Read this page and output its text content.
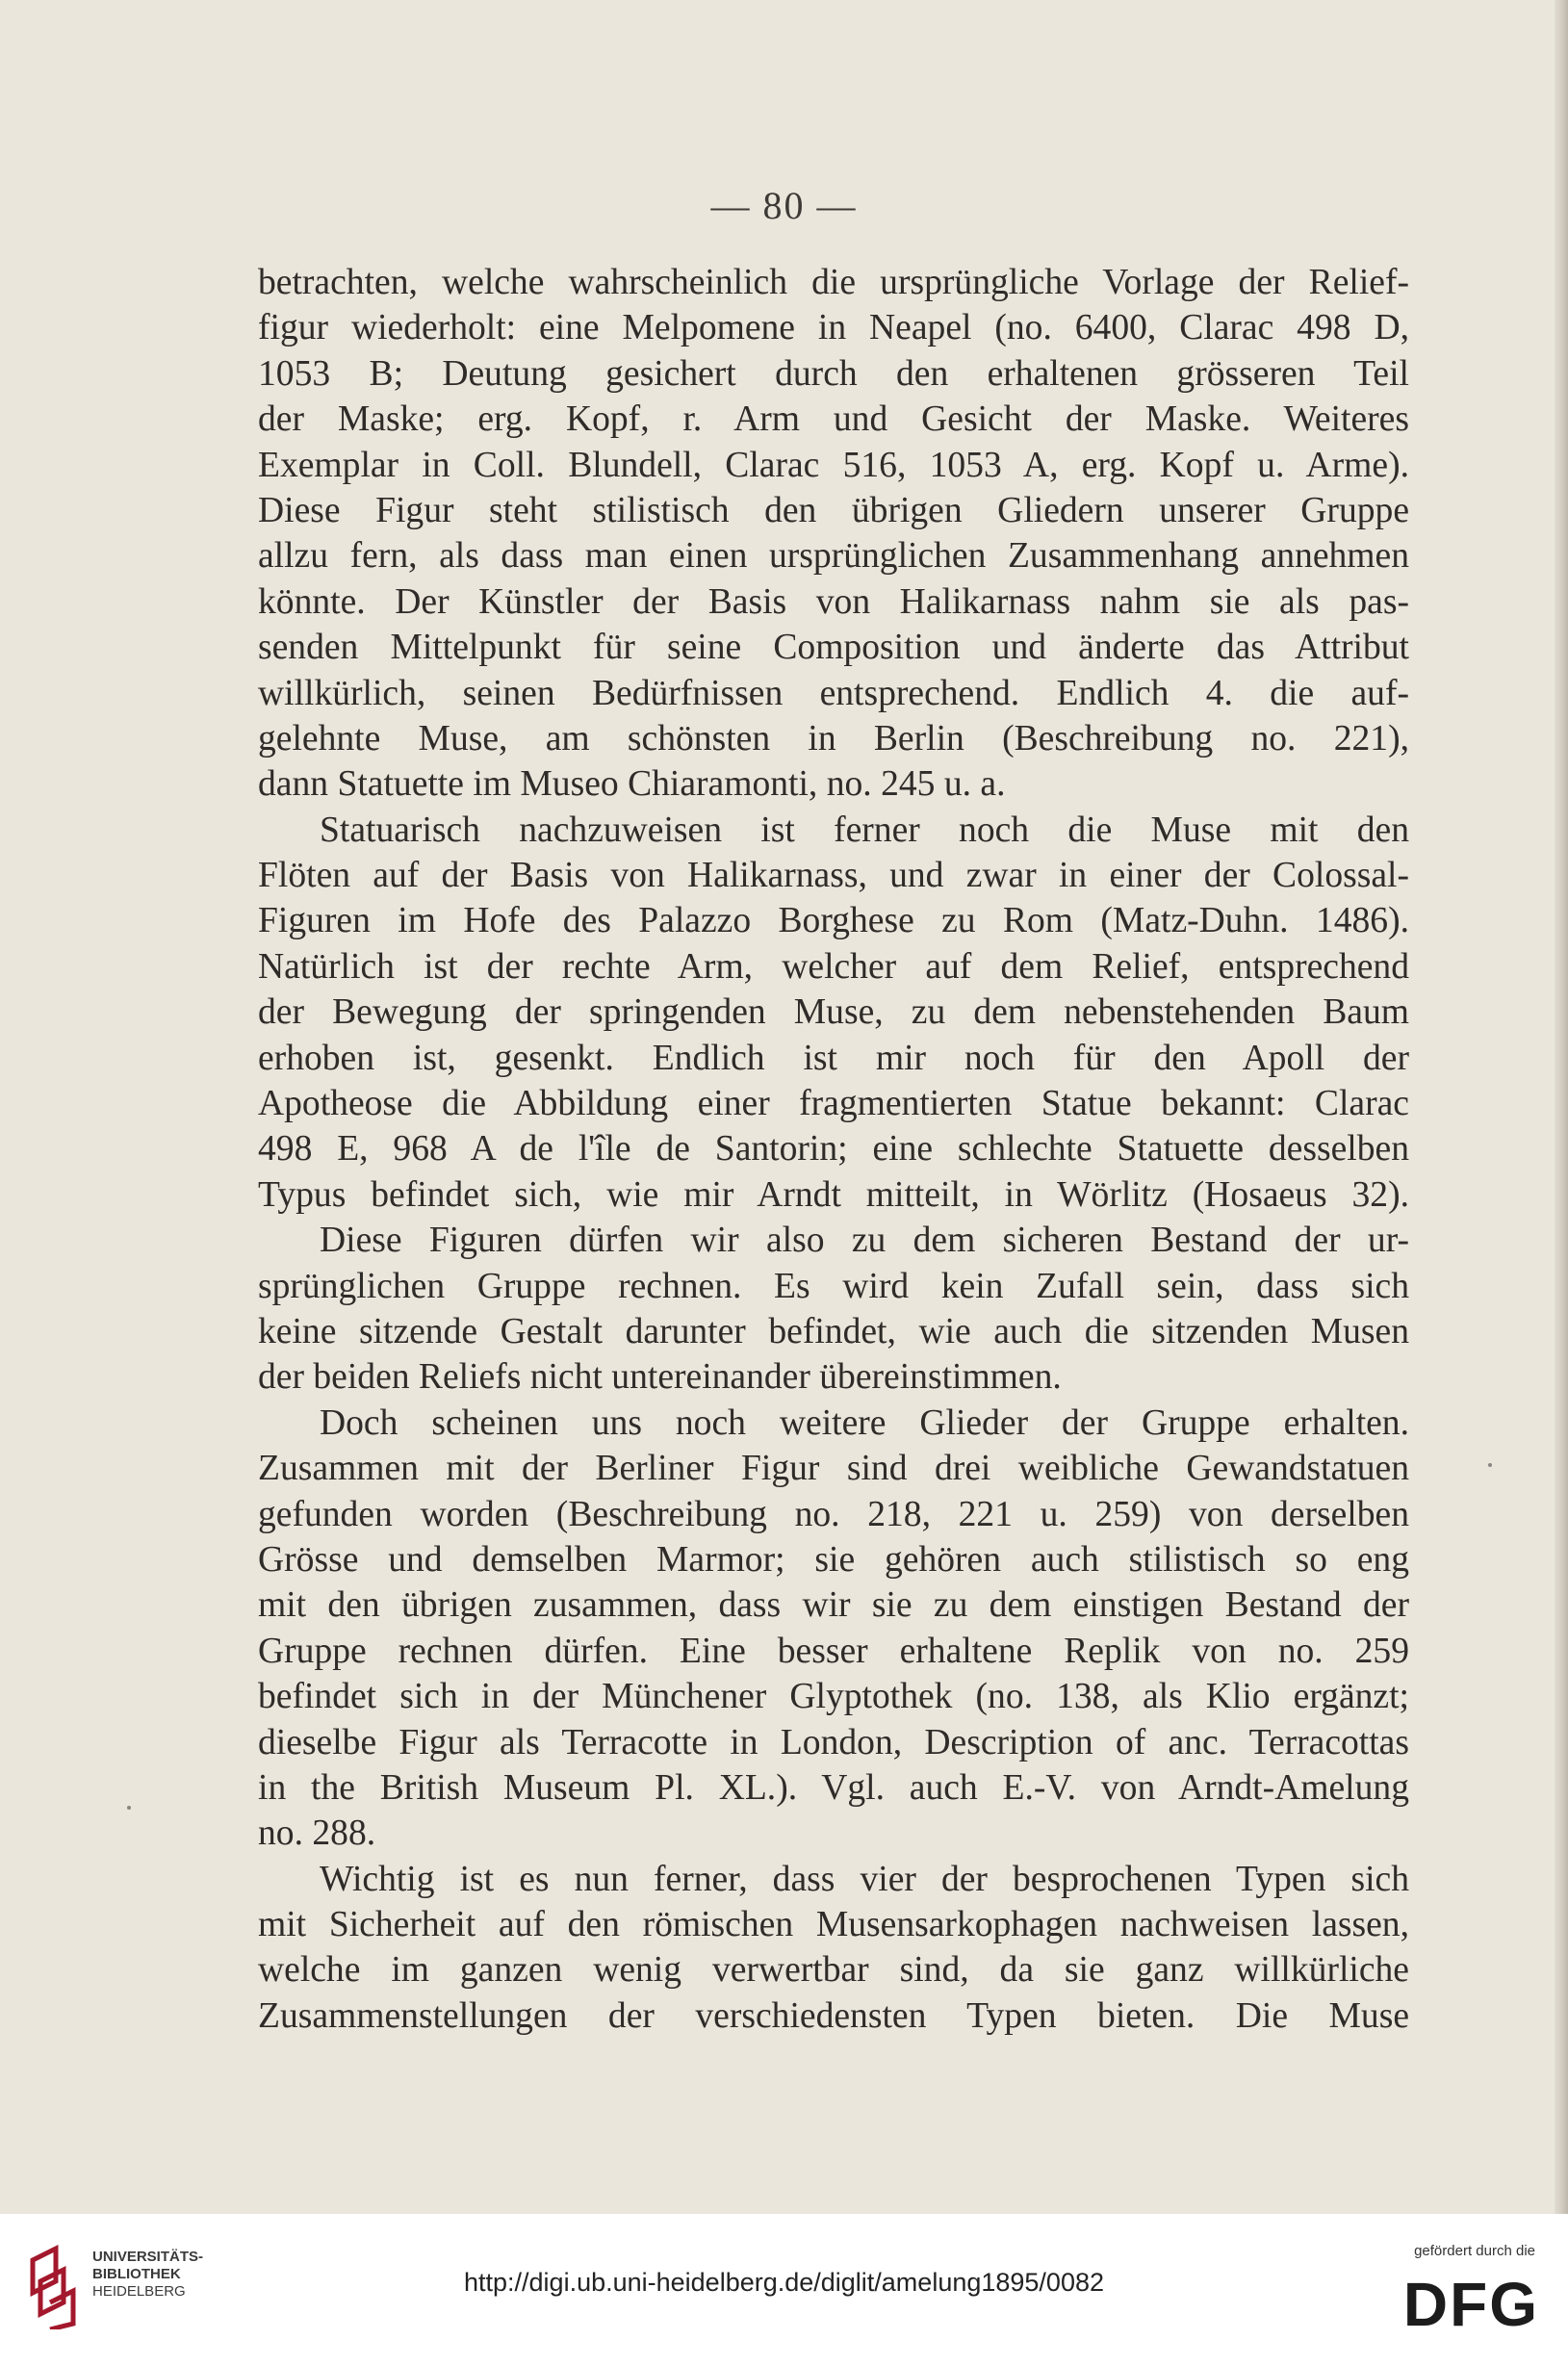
— 80 —
betrachten, welche wahrscheinlich die ursprüngliche Vorlage der Relief-
figur wiederholt: eine Melpomene in Neapel (no. 6400, Clarac 498 D,
1053 B; Deutung gesichert durch den erhaltenen grösseren Teil
der Maske; erg. Kopf, r. Arm und Gesicht der Maske. Weiteres
Exemplar in Coll. Blundell, Clarac 516, 1053 A, erg. Kopf u. Arme).
Diese Figur steht stilistisch den übrigen Gliedern unserer Gruppe
allzu fern, als dass man einen ursprünglichen Zusammenhang annehmen
könnte. Der Künstler der Basis von Halikarnass nahm sie als pas-
senden Mittelpunkt für seine Composition und änderte das Attribut
willkürlich, seinen Bedürfnissen entsprechend. Endlich 4. die auf-
gelehnte Muse, am schönsten in Berlin (Beschreibung no. 221),
dann Statuette im Museo Chiaramonti, no. 245 u. a.
Statuarisch nachzuweisen ist ferner noch die Muse mit den
Flöten auf der Basis von Halikarnass, und zwar in einer der Colossal-
Figuren im Hofe des Palazzo Borghese zu Rom (Matz-Duhn. 1486).
Natürlich ist der rechte Arm, welcher auf dem Relief, entsprechend
der Bewegung der springenden Muse, zu dem nebenstehenden Baum
erhoben ist, gesenkt. Endlich ist mir noch für den Apoll der
Apotheose die Abbildung einer fragmentierten Statue bekannt: Clarac
498 E, 968 A de l'île de Santorin; eine schlechte Statuette desselben
Typus befindet sich, wie mir Arndt mitteilt, in Wörlitz (Hosaeus 32).
Diese Figuren dürfen wir also zu dem sicheren Bestand der ur-
sprünglichen Gruppe rechnen. Es wird kein Zufall sein, dass sich
keine sitzende Gestalt darunter befindet, wie auch die sitzenden Musen
der beiden Reliefs nicht untereinander übereinstimmen.
Doch scheinen uns noch weitere Glieder der Gruppe erhalten.
Zusammen mit der Berliner Figur sind drei weibliche Gewandstatuen
gefunden worden (Beschreibung no. 218, 221 u. 259) von derselben
Grösse und demselben Marmor; sie gehören auch stilistisch so eng
mit den übrigen zusammen, dass wir sie zu dem einstigen Bestand der
Gruppe rechnen dürfen. Eine besser erhaltene Replik von no. 259
befindet sich in der Münchener Glyptothek (no. 138, als Klio ergänzt;
dieselbe Figur als Terracotte in London, Description of anc. Terracottas
in the British Museum Pl. XL.). Vgl. auch E.-V. von Arndt-Amelung
no. 288.
Wichtig ist es nun ferner, dass vier der besprochenen Typen sich
mit Sicherheit auf den römischen Musensarkophagen nachweisen lassen,
welche im ganzen wenig verwertbar sind, da sie ganz willkürliche
Zusammenstellungen der verschiedensten Typen bieten. Die Muse
UNIVERSITÄTS-
BIBLIOTHEK
HEIDELBERG	http://digi.ub.uni-heidelberg.de/diglit/amelung1895/0082
gefördert durch die
DFG
